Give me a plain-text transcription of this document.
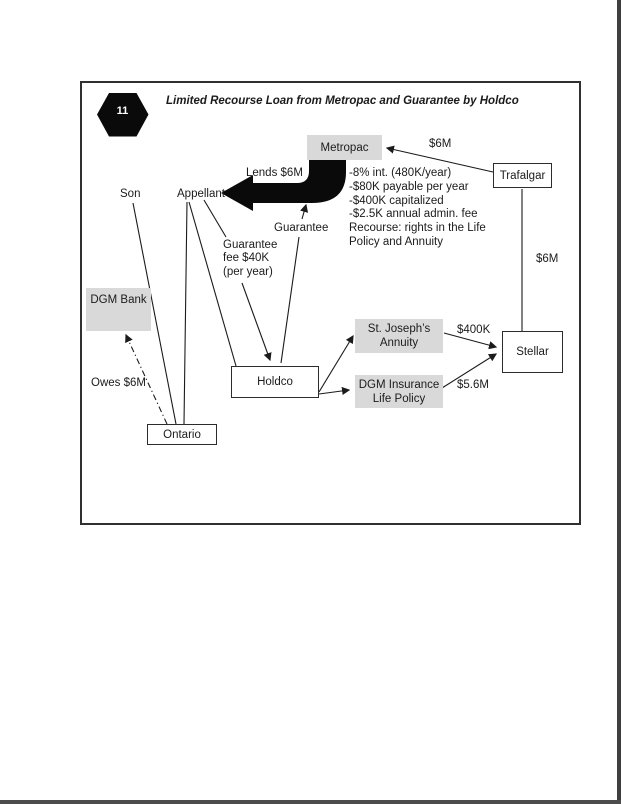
11
Limited Recourse Loan from Metropac and Guarantee by Holdco
Metropac
Trafalgar
DGM Bank
St. Joseph’s
Annuity
DGM Insurance
Life Policy
Stellar
Holdco
Ontario
Son	Appellant
Lends $6M
$6M
Guarantee
$6M
Owes $6M
$400K
$5.6M
Guarantee
fee $40K
(per year)
-8% int. (480K/year)
-$80K payable per year
-$400K capitalized
-$2.5K annual admin. fee
Recourse: rights in the Life
Policy and Annuity
